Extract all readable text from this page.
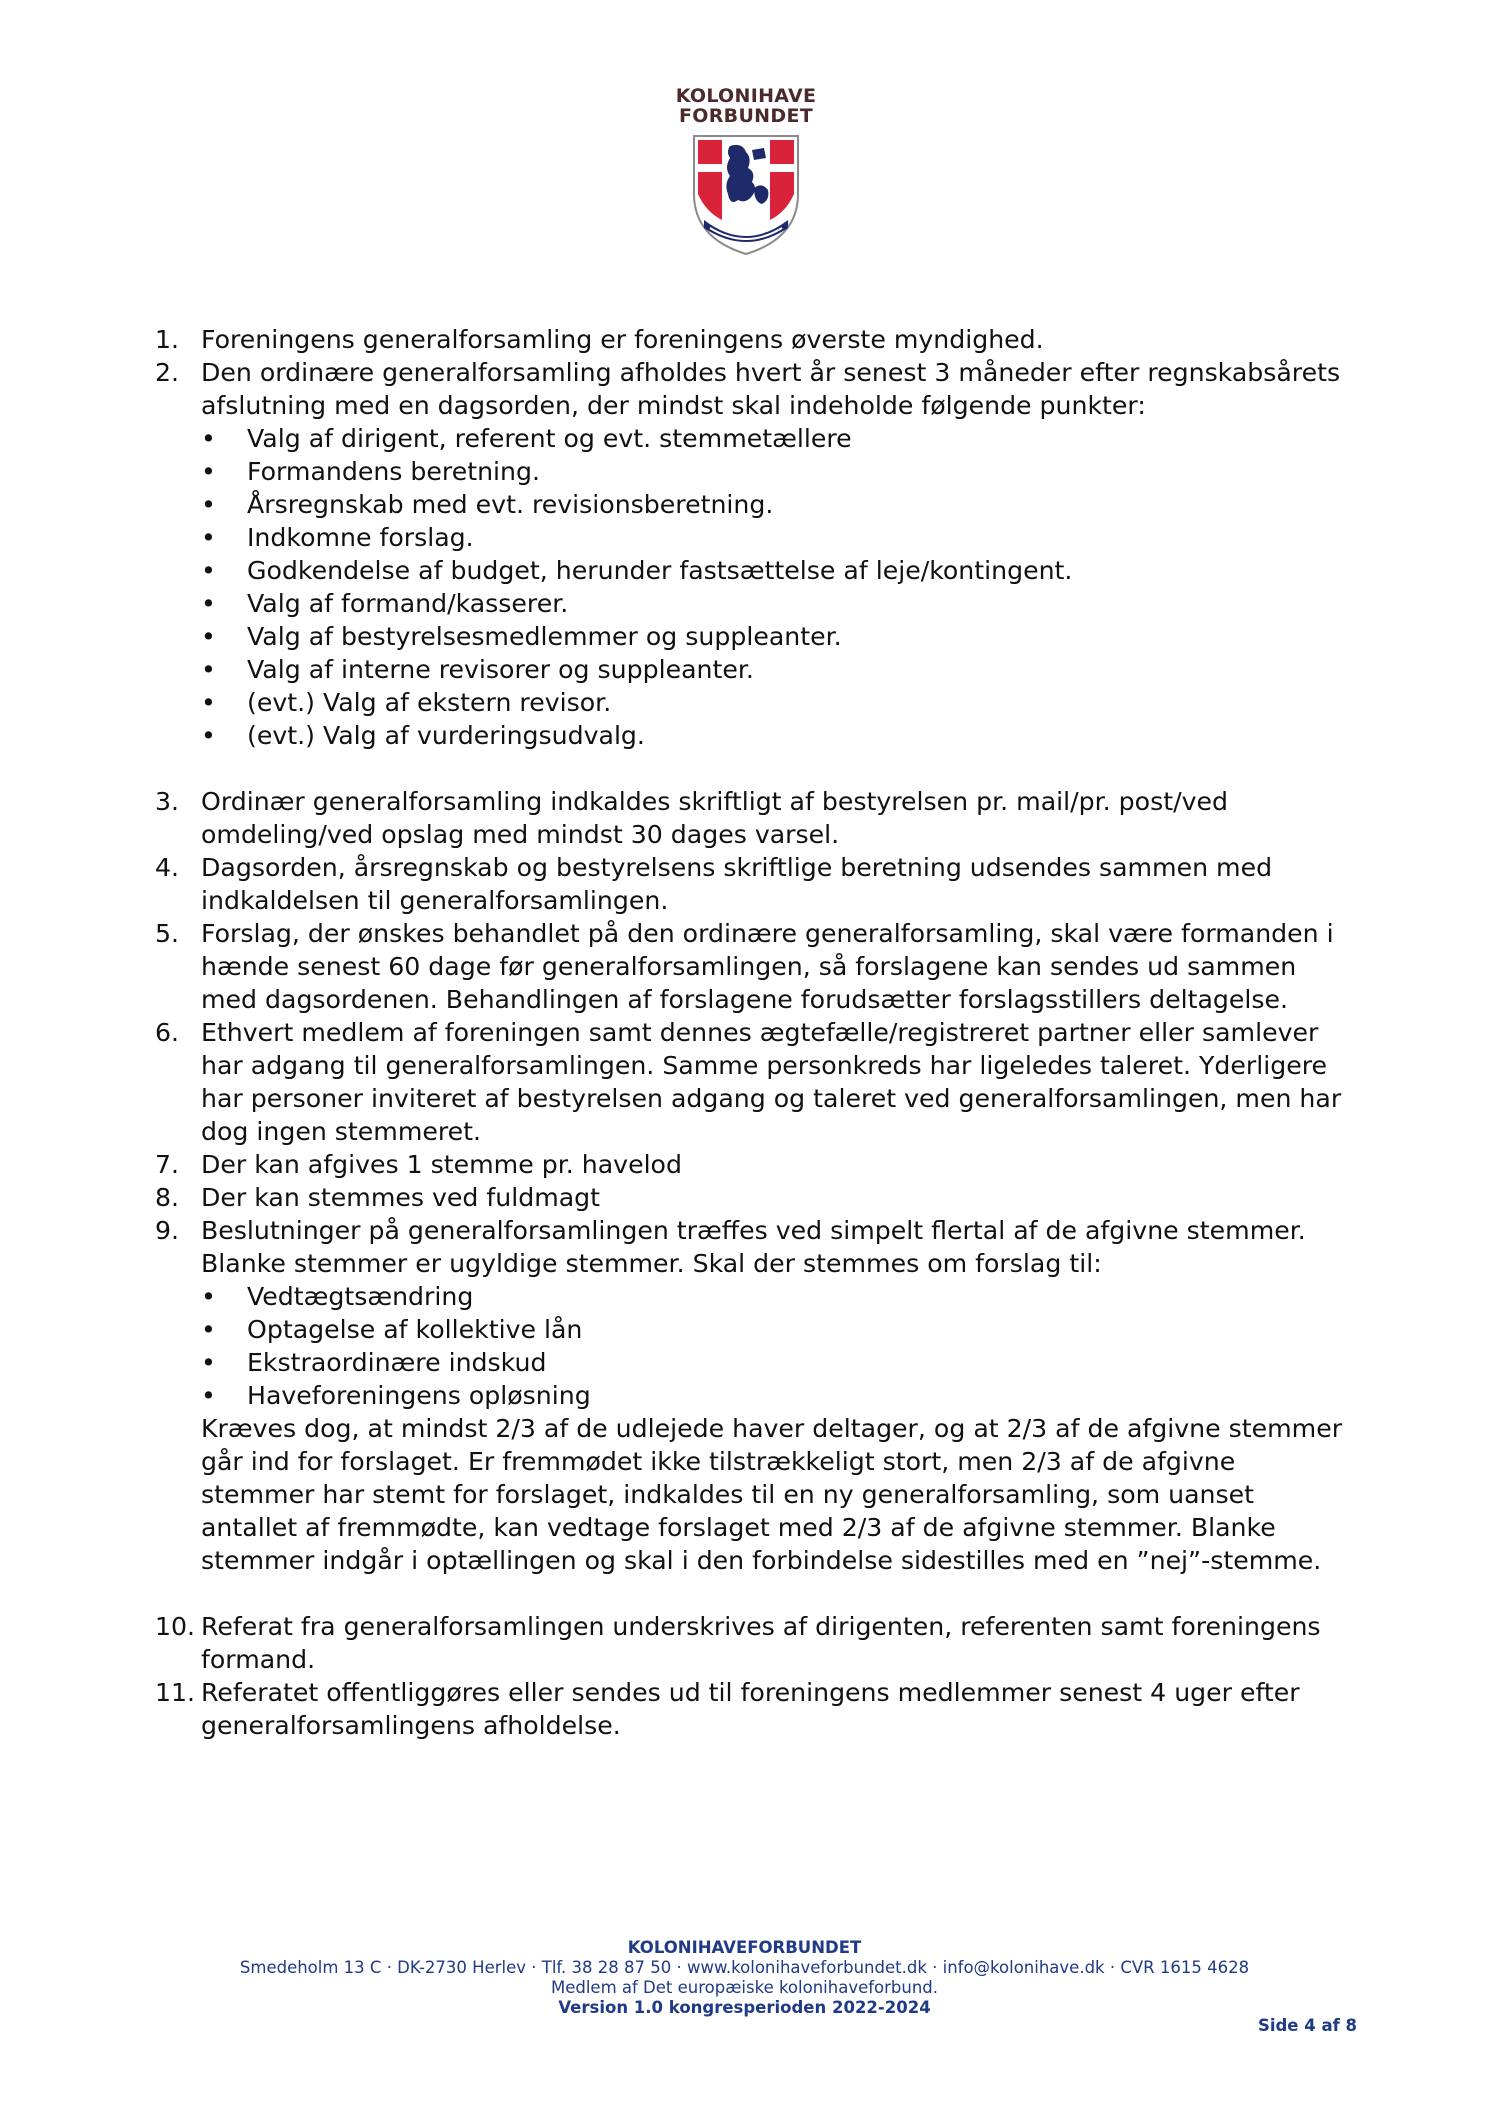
KOLONIHAVE
FORBUNDET
1. Foreningens generalforsamling er foreningens øverste myndighed.
2. Den ordinære generalforsamling afholdes hvert år senest 3 måneder efter regnskabsårets afslutning med en dagsorden, der mindst skal indeholde følgende punkter:
• Valg af dirigent, referent og evt. stemmetællere
• Formandens beretning.
• Årsregnskab med evt. revisionsberetning.
• Indkomne forslag.
• Godkendelse af budget, herunder fastsættelse af leje/kontingent.
• Valg af formand/kasserer.
• Valg af bestyrelsesmedlemmer og suppleanter.
• Valg af interne revisorer og suppleanter.
• (evt.) Valg af ekstern revisor.
• (evt.) Valg af vurderingsudvalg.
3. Ordinær generalforsamling indkaldes skriftligt af bestyrelsen pr. mail/pr. post/ved omdeling/ved opslag med mindst 30 dages varsel.
4. Dagsorden, årsregnskab og bestyrelsens skriftlige beretning udsendes sammen med indkaldelsen til generalforsamlingen.
5. Forslag, der ønskes behandlet på den ordinære generalforsamling, skal være formanden i hænde senest 60 dage før generalforsamlingen, så forslagene kan sendes ud sammen med dagsordenen. Behandlingen af forslagene forudsætter forslagsstillers deltagelse.
6. Ethvert medlem af foreningen samt dennes ægtefælle/registreret partner eller samlever har adgang til generalforsamlingen. Samme personkreds har ligeledes taleret. Yderligere har personer inviteret af bestyrelsen adgang og taleret ved generalforsamlingen, men har dog ingen stemmeret.
7. Der kan afgives 1 stemme pr. havelod
8. Der kan stemmes ved fuldmagt
9. Beslutninger på generalforsamlingen træffes ved simpelt flertal af de afgivne stemmer. Blanke stemmer er ugyldige stemmer. Skal der stemmes om forslag til:
• Vedtægtsændring
• Optagelse af kollektive lån
• Ekstraordinære indskud
• Haveforeningens opløsning
Kræves dog, at mindst 2/3 af de udlejede haver deltager, og at 2/3 af de afgivne stemmer går ind for forslaget. Er fremmødet ikke tilstrækkeligt stort, men 2/3 af de afgivne stemmer har stemt for forslaget, indkaldes til en ny generalforsamling, som uanset antallet af fremmødte, kan vedtage forslaget med 2/3 af de afgivne stemmer. Blanke stemmer indgår i optællingen og skal i den forbindelse sidestilles med en ”nej”-stemme.
10. Referat fra generalforsamlingen underskrives af dirigenten, referenten samt foreningens formand.
11. Referatet offentliggøres eller sendes ud til foreningens medlemmer senest 4 uger efter generalforsamlingens afholdelse.
KOLONIHAVEFORBUNDET
Smedeholm 13 C · DK-2730 Herlev · Tlf. 38 28 87 50 · www.kolonihaveforbundet.dk · info@kolonihave.dk · CVR 1615 4628
Medlem af Det europæiske kolonihaveforbund.
Version 1.0 kongresperioden 2022-2024
Side 4 af 8
